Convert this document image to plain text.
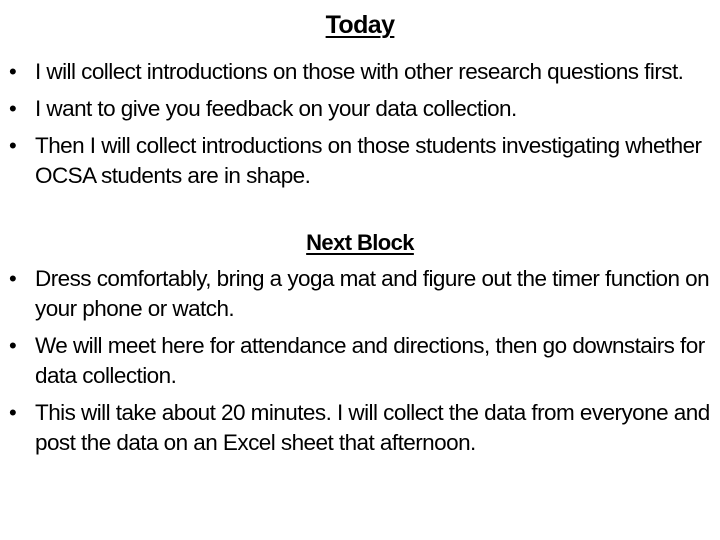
Today
• I will collect introductions on those with other research questions first.
• I want to give you feedback on your data collection.
• Then I will collect introductions on those students investigating whether OCSA students are in shape.
Next Block
• Dress comfortably, bring a yoga mat and figure out the timer function on your phone or watch.
• We will meet here for attendance and directions, then go downstairs for data collection.
• This will take about 20 minutes. I will collect the data from everyone and post the data on an Excel sheet that afternoon.
